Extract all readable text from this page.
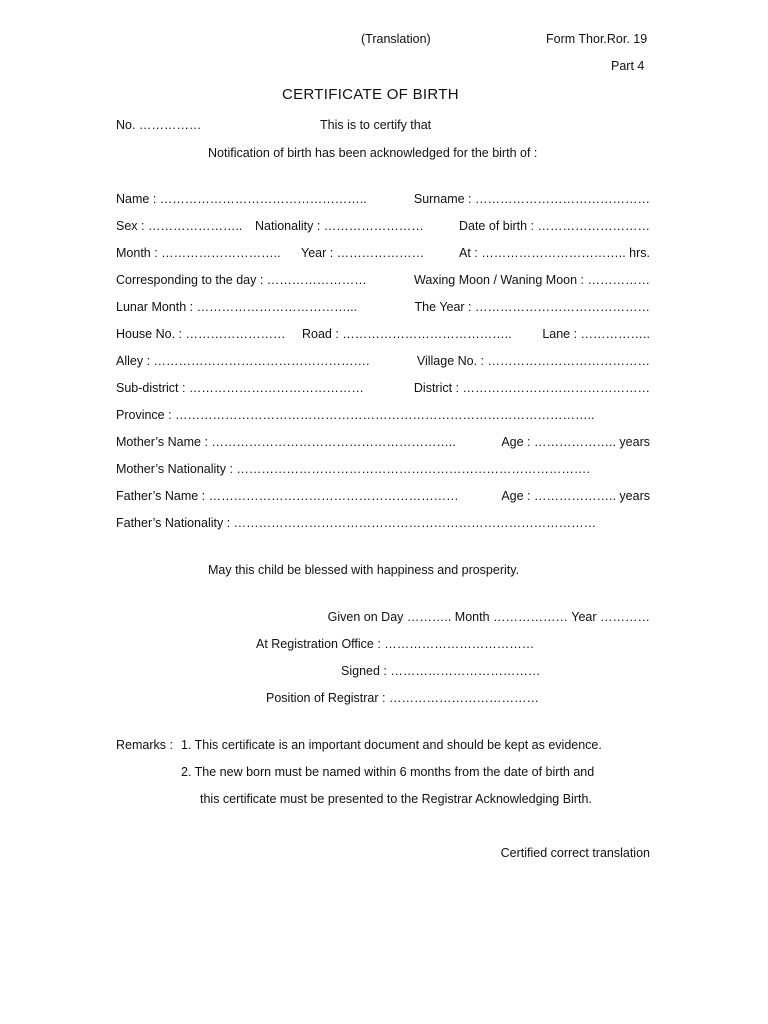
(Translation)	Form Thor.Ror. 19
Part 4
CERTIFICATE OF BIRTH
No. ……………	This is to certify that
Notification of birth has been acknowledged for the birth of :
Name : …………………………………………..	Surname : ……………………………………
Sex : ………………….. Nationality : ……………………	Date of birth : ………………………
Month : ……………………….. Year : …………………	At : …………………………….. hrs.
Corresponding to the day : ……………………	Waxing Moon / Waning Moon : ……………
Lunar Month : ………………………………...	The Year : ……………………………………
House No. : …………………… Road : ………………………………….. Lane : ……………..
Alley : …………………………………………….	Village No. : …………………………………
Sub-district : ……………………………………	District : ………………………………………
Province : ………………………………………………………………………………………..
Mother’s Name : …………………………………………………..	Age : ……………….. years
Mother’s Nationality : ………………………………………………………………………….
Father’s Name : ……………………………………………………	Age : ……………….. years
Father’s Nationality : ……………………………………………………………………………
May this child be blessed with happiness and prosperity.
Given on Day ……….. Month ……………… Year …………
At Registration Office : ………………………………
Signed : ………………………………
Position of Registrar : ………………………………
Remarks : 1. This certificate is an important document and should be kept as evidence.
2. The new born must be named within 6 months from the date of birth and
this certificate must be presented to the Registrar Acknowledging Birth.
Certified correct translation
